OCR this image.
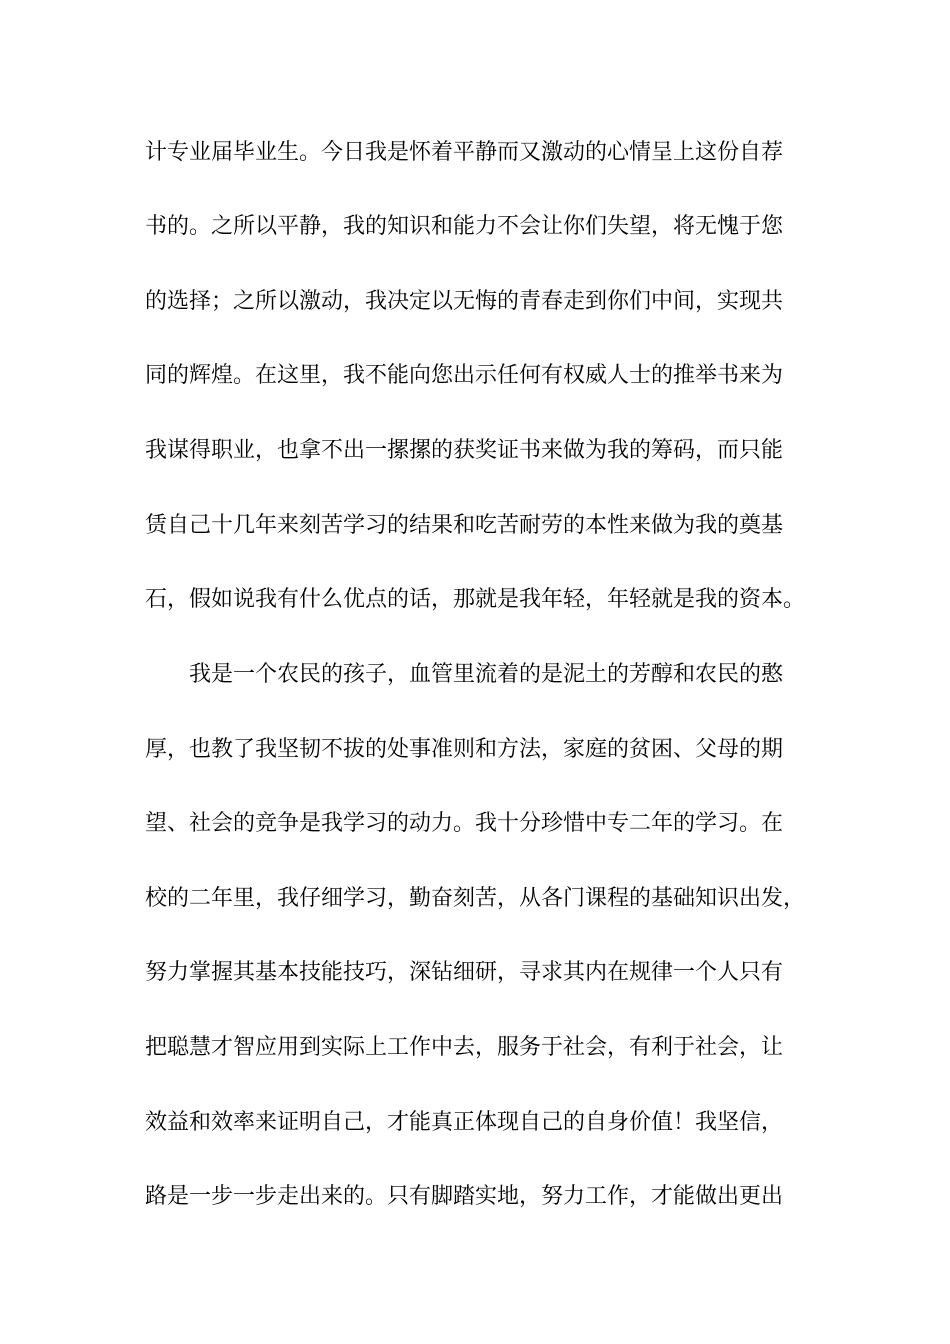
计专业届毕业生。今日我是怀着平静而又激动的心情呈上这份自荐

书的。之所以平静，我的知识和能力不会让你们失望，将无愧于您

的选择；之所以激动，我决定以无悔的青春走到你们中间，实现共

同的辉煌。在这里，我不能向您出示任何有权威人士的推举书来为

我谋得职业，也拿不出一摞摞的获奖证书来做为我的筹码，而只能

赁自己十几年来刻苦学习的结果和吃苦耐劳的本性来做为我的奠基

石，假如说我有什么优点的话，那就是我年轻，年轻就是我的资本。

我是一个农民的孩子，血管里流着的是泥土的芳醇和农民的憨

厚，也教了我坚韧不拔的处事准则和方法，家庭的贫困、父母的期

望、社会的竞争是我学习的动力。我十分珍惜中专二年的学习。在

校的二年里，我仔细学习，勤奋刻苦，从各门课程的基础知识出发，

努力掌握其基本技能技巧，深钻细研，寻求其内在规律一个人只有

把聪慧才智应用到实际上工作中去，服务于社会，有利于社会，让

效益和效率来证明自己，才能真正体现自己的自身价值！我坚信，

路是一步一步走出来的。只有脚踏实地，努力工作，才能做出更出
